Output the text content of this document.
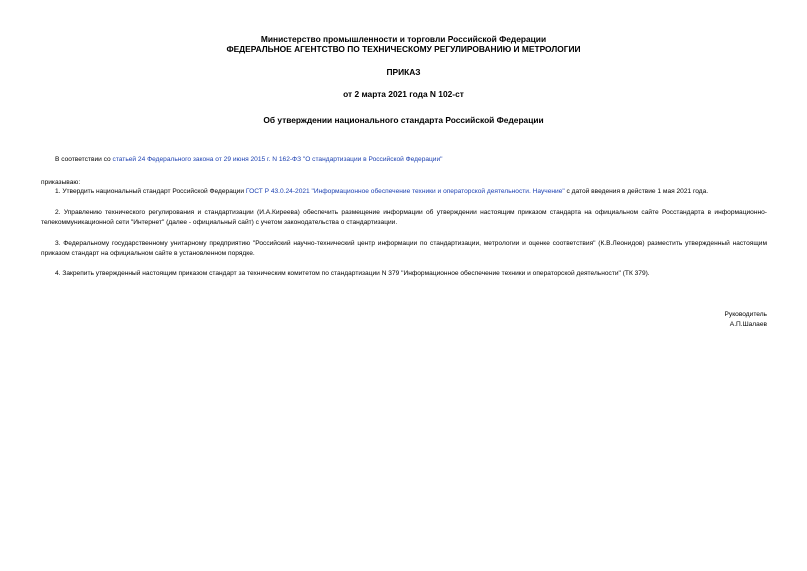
Министерство промышленности и торговли Российской Федерации
ФЕДЕРАЛЬНОЕ АГЕНТСТВО ПО ТЕХНИЧЕСКОМУ РЕГУЛИРОВАНИЮ И МЕТРОЛОГИИ
ПРИКАЗ
от 2 марта 2021 года N 102-ст
Об утверждении национального стандарта Российской Федерации
В соответствии со статьей 24 Федерального закона от 29 июня 2015 г. N 162-ФЗ "О стандартизации в Российской Федерации"
приказываю:
1. Утвердить национальный стандарт Российской Федерации ГОСТ Р 43.0.24-2021 "Информационное обеспечение техники и операторской деятельности. Научение" с датой введения в действие 1 мая 2021 года.
2. Управлению технического регулирования и стандартизации (И.А.Киреева) обеспечить размещение информации об утверждении настоящим приказом стандарта на официальном сайте Росстандарта в информационно-телекоммуникационной сети "Интернет" (далее - официальный сайт) с учетом законодательства о стандартизации.
3. Федеральному государственному унитарному предприятию "Российский научно-технический центр информации по стандартизации, метрологии и оценке соответствия" (К.В.Леонидов) разместить утвержденный настоящим приказом стандарт на официальном сайте в установленном порядке.
4. Закрепить утвержденный настоящим приказом стандарт за техническим комитетом по стандартизации N 379 "Информационное обеспечение техники и операторской деятельности" (ТК 379).
Руководитель
А.П.Шалаев
